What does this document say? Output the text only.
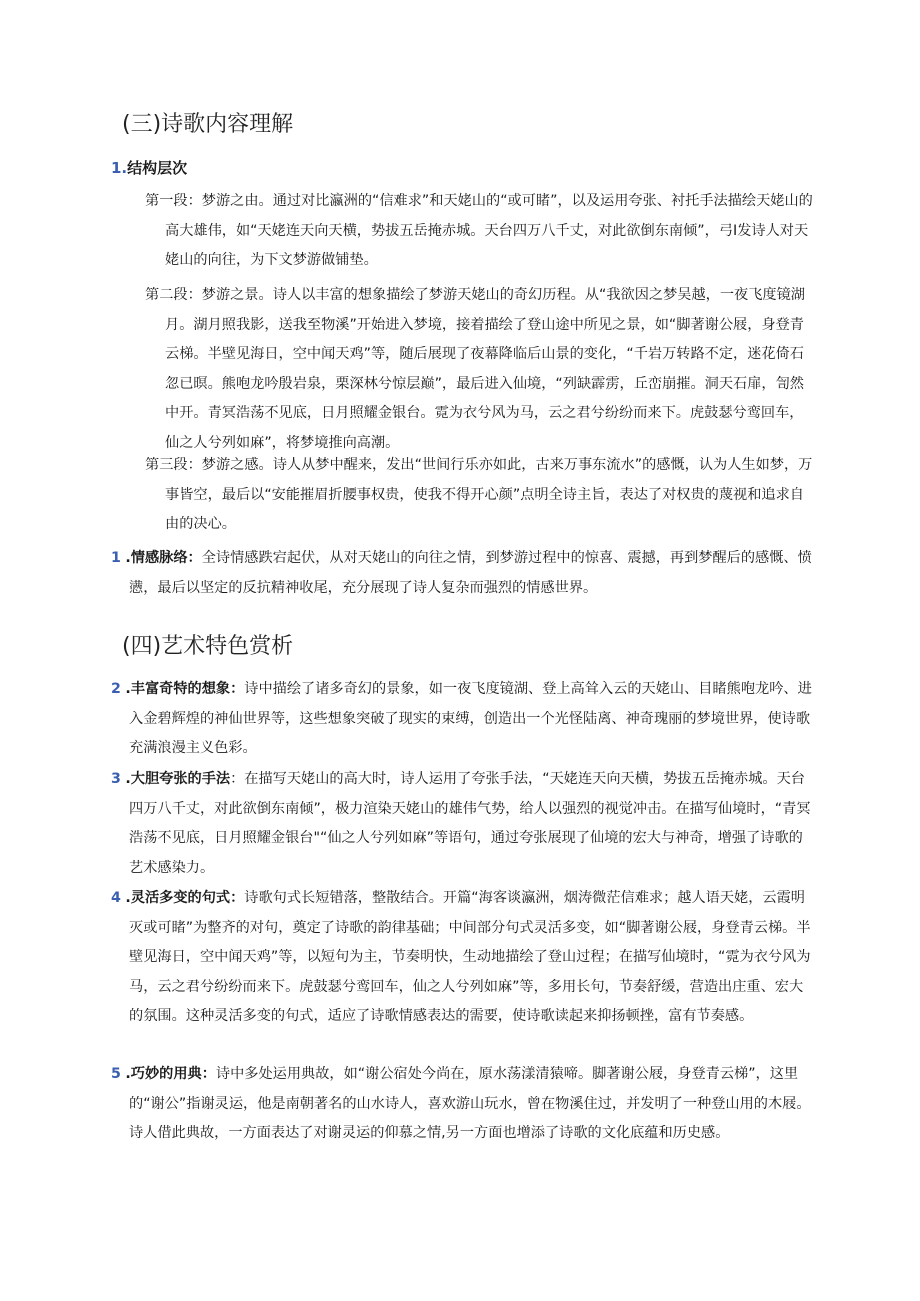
(三)诗歌内容理解
1.结构层次

第一段：梦游之由。通过对比瀛洲的“信难求”和天姥山的“或可睹”，以及运用夸张、衬托手法描绘天姥山的高大雄伟，如“天姥连天向天横，势拔五岳掩赤城。天台四万八千丈，对此欲倒东南倾”，弓I发诗人对天姥山的向往，为下文梦游做铺垫。

第二段：梦游之景。诗人以丰富的想象描绘了梦游天姥山的奇幻历程。从“我欲因之梦吴越，一夜飞度镜湖月。湖月照我影，送我至物溪”开始进入梦境，接着描绘了登山途中所见之景，如“脚著谢公屐，身登青云梯。半壁见海日，空中闻天鸡”等，随后展现了夜幕降临后山景的变化，“千岩万转路不定，迷花倚石忽已暝。熊咆龙吟殷岩泉，栗深林兮惊层巅”，最后进入仙境，“列缺霹雳，丘峦崩摧。洞天石扉，訇然中开。青冥浩荡不见底，日月照耀金银台。霓为衣兮风为马，云之君兮纷纷而来下。虎鼓瑟兮鸾回车，仙之人兮列如麻”，将梦境推向高潮。

第三段：梦游之感。诗人从梦中醒来，发出“世间行乐亦如此，古来万事东流水”的感慨，认为人生如梦，万事皆空，最后以“安能摧眉折腰事权贵，使我不得开心颜”点明全诗主旨，表达了对权贵的蔑视和追求自由的决心。

1 .情感脉络：全诗情感跌宕起伏，从对天姥山的向往之情，到梦游过程中的惊喜、震撼，再到梦醒后的感慨、愤懑，最后以坚定的反抗精神收尾，充分展现了诗人复杂而强烈的情感世界。

(四)艺术特色赏析

2 .丰富奇特的想象：诗中描绘了诸多奇幻的景象，如一夜飞度镜湖、登上高耸入云的天姥山、目睹熊咆龙吟、进入金碧辉煌的神仙世界等，这些想象突破了现实的束缚，创造出一个光怪陆离、神奇瑰丽的梦境世界，使诗歌充满浪漫主义色彩。

3 .大胆夸张的手法：在描写天姥山的高大时，诗人运用了夸张手法，“天姥连天向天横，势拔五岳掩赤城。天台四万八千丈，对此欲倒东南倾”，极力渲染天姥山的雄伟气势，给人以强烈的视觉冲击。在描写仙境时，“青冥浩荡不见底，日月照耀金银台"“仙之人兮列如麻”等语句，通过夸张展现了仙境的宏大与神奇，增强了诗歌的艺术感染力。

4 .灵活多变的句式：诗歌句式长短错落，整散结合。开篇“海客谈瀛洲，烟涛微茫信难求；越人语天姥，云霞明灭或可睹”为整齐的对句，奠定了诗歌的韵律基础；中间部分句式灵活多变，如“脚著谢公屐，身登青云梯。半壁见海日，空中闻天鸡”等，以短句为主，节奏明快，生动地描绘了登山过程；在描写仙境时，“霓为衣兮风为马，云之君兮纷纷而来下。虎鼓瑟兮鸾回车，仙之人兮列如麻”等，多用长句，节奏舒缓，营造出庄重、宏大的氛围。这种灵活多变的句式，适应了诗歌情感表达的需要，使诗歌读起来抑扬顿挫，富有节奏感。

5 .巧妙的用典：诗中多处运用典故，如“谢公宿处今尚在，原水荡漾清猿啼。脚著谢公屐，身登青云梯”，这里的“谢公”指谢灵运，他是南朝著名的山水诗人，喜欢游山玩水，曾在物溪住过，并发明了一种登山用的木屐。诗人借此典故，一方面表达了对谢灵运的仰慕之情,另一方面也增添了诗歌的文化底蕴和历史感。
